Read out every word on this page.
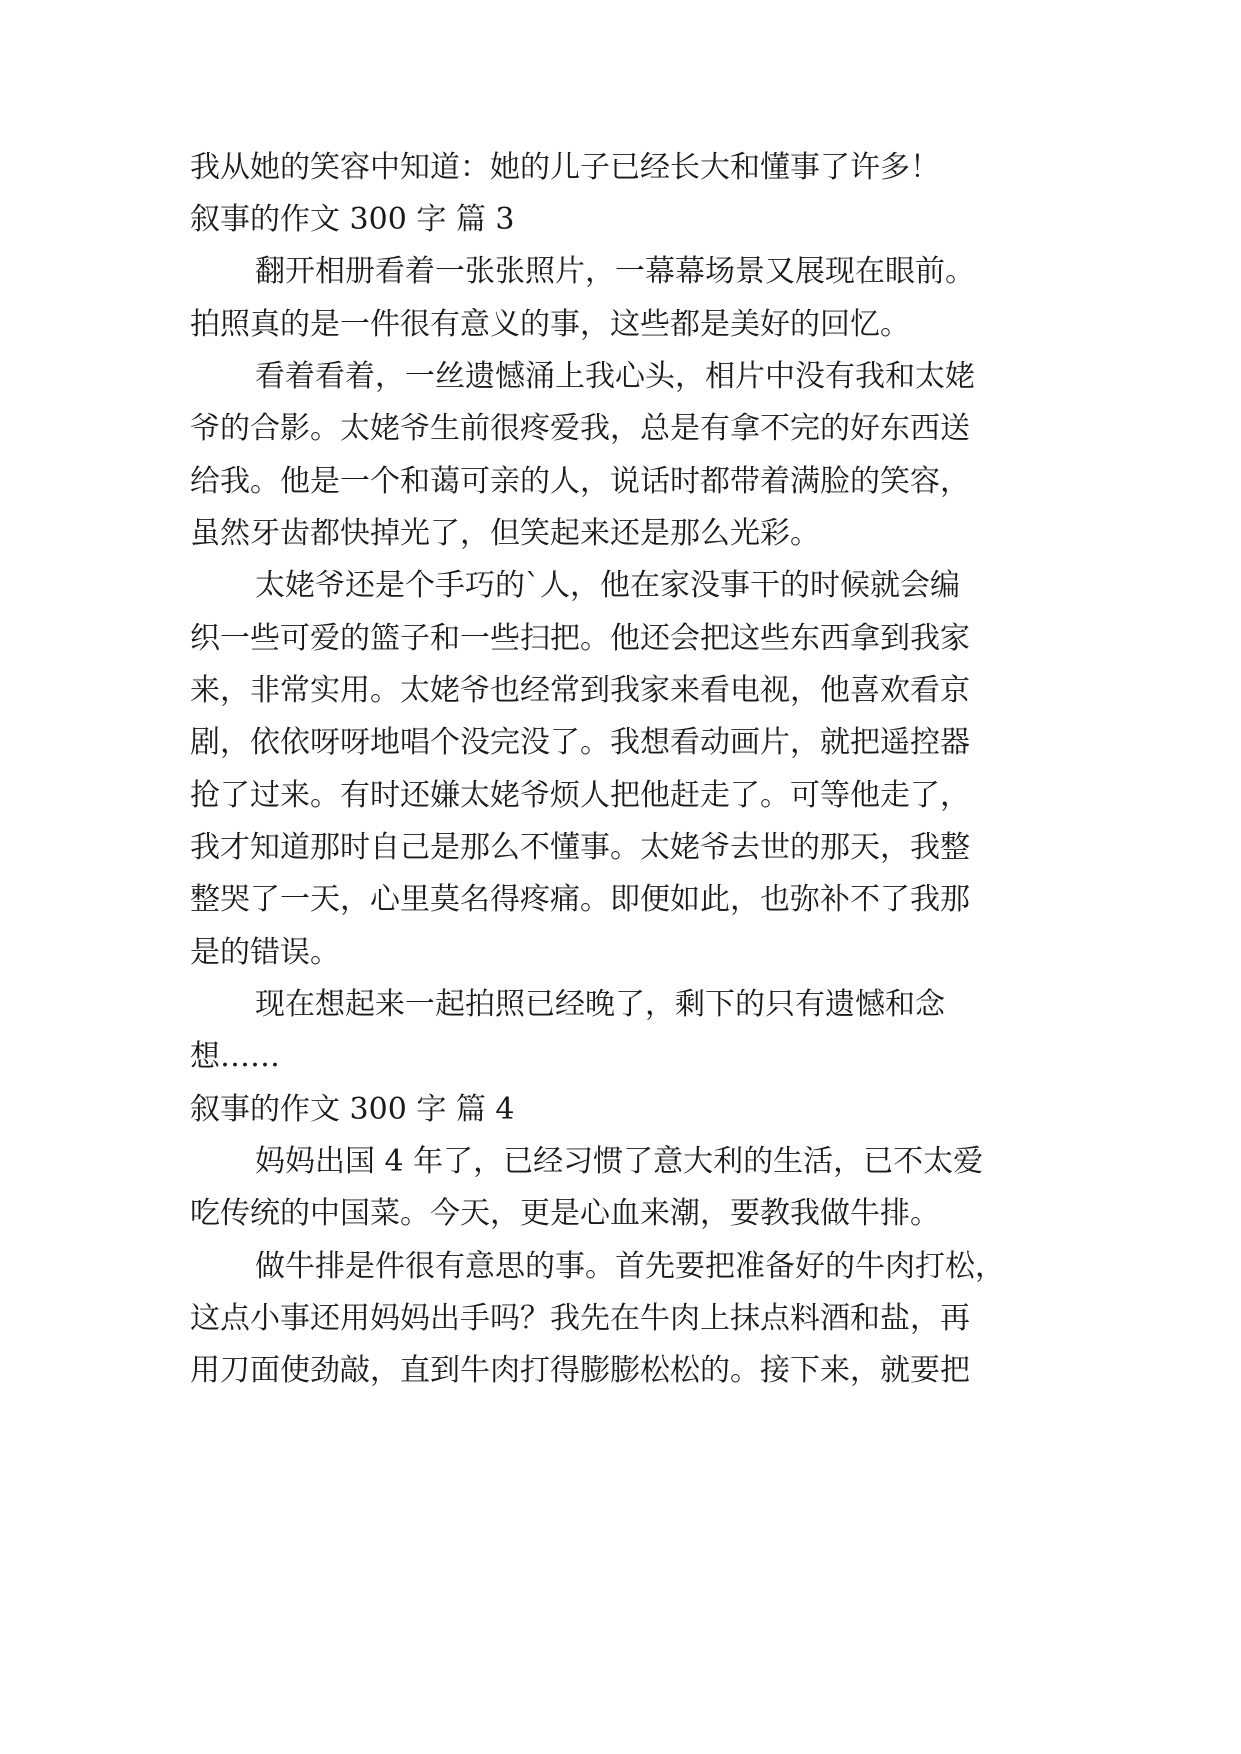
我从她的笑容中知道：她的儿子已经长大和懂事了许多！
叙事的作文 300 字 篇 3
翻开相册看着一张张照片，一幕幕场景又展现在眼前。
拍照真的是一件很有意义的事，这些都是美好的回忆。
看着看着，一丝遗憾涌上我心头，相片中没有我和太姥
爷的合影。太姥爷生前很疼爱我，总是有拿不完的好东西送
给我。他是一个和蔼可亲的人，说话时都带着满脸的笑容，
虽然牙齿都快掉光了，但笑起来还是那么光彩。
太姥爷还是个手巧的`人，他在家没事干的时候就会编
织一些可爱的篮子和一些扫把。他还会把这些东西拿到我家
来，非常实用。太姥爷也经常到我家来看电视，他喜欢看京
剧，依依呀呀地唱个没完没了。我想看动画片，就把遥控器
抢了过来。有时还嫌太姥爷烦人把他赶走了。可等他走了，
我才知道那时自己是那么不懂事。太姥爷去世的那天，我整
整哭了一天，心里莫名得疼痛。即便如此，也弥补不了我那
是的错误。
现在想起来一起拍照已经晚了，剩下的只有遗憾和念
想……
叙事的作文 300 字 篇 4
妈妈出国 4 年了，已经习惯了意大利的生活，已不太爱
吃传统的中国菜。今天，更是心血来潮，要教我做牛排。
做牛排是件很有意思的事。首先要把准备好的牛肉打松，
这点小事还用妈妈出手吗？我先在牛肉上抹点料酒和盐，再
用刀面使劲敲，直到牛肉打得膨膨松松的。接下来，就要把
